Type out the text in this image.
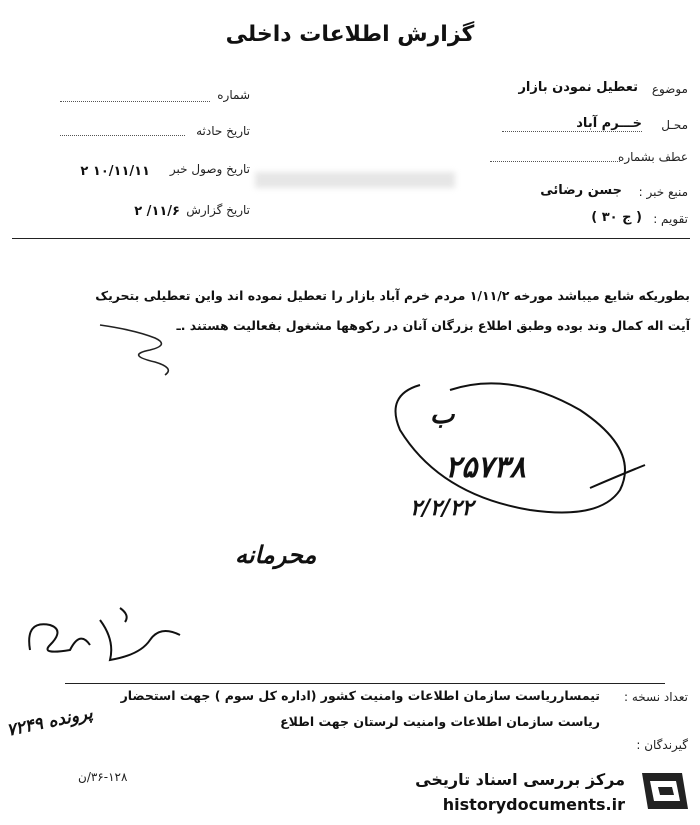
گزارش اطلاعات داخلی
موضوع
تعطیل نمودن بازار
محـل
خـــرم آباد
عطف بشماره
منبع خبر :
جسن رضائی
تقویم :
( ج ۳۰ )
شماره
تاریخ حادثه
تاریخ وصول خبر
۱۰/۱۱/۱۱ ۲
تاریخ گزارش
۱۱/۶/ ۲
بطوریکه شایع میباشد مورخه ۱/۱۱/۲ مردم خرم آباد بازار را تعطیل نموده اند واین تعطیلی بتحریک
آیت اله کمال وند بوده وطبق اطلاع بزرگان آنان در رکوهها مشغول بفعالیت هستند .ـ
ب
۲۵۷۳۸
۲/۲/۲۲
محرمانه
تعداد نسخه :
تیمسارریاست سازمان اطلاعات وامنیت کشور (اداره کل سوم ) جهت استحضار
ریاست سازمان اطلاعات وامنیت لرستان جهت اطلاع
گیرندگان :
پرونده ۷۲۴۹
۳۶-۱۲۸/ن	مرکز بررسی اسناد تاریخی
historydocuments.ir
